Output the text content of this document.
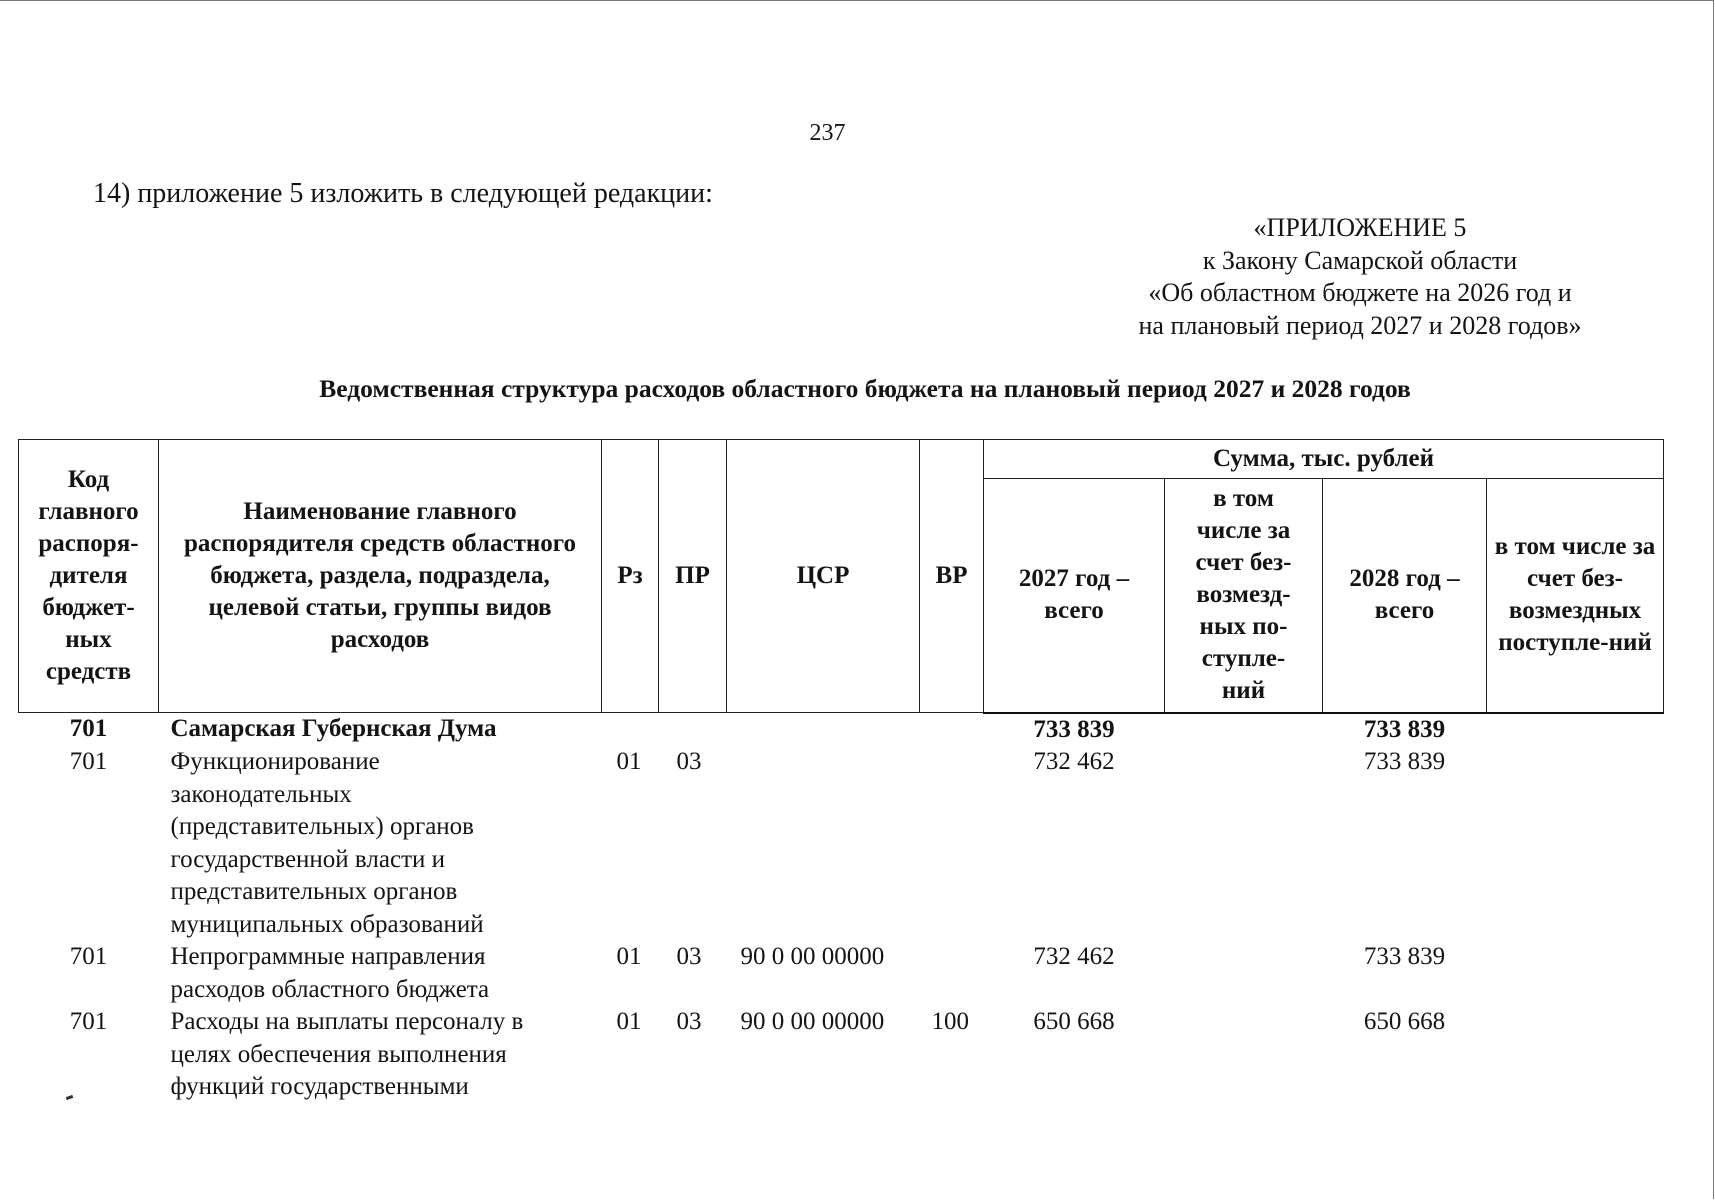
237
14) приложение 5 изложить в следующей редакции:
«ПРИЛОЖЕНИЕ 5
к Закону Самарской области
«Об областном бюджете на 2026 год и
на плановый период 2027 и 2028 годов»
Ведомственная структура расходов областного бюджета на плановый период 2027 и 2028 годов
Код главного распоря-дителя бюджет-ных средств	Наименование главного распорядителя средств областного бюджета, раздела, подраздела, целевой статьи, группы видов расходов	Рз	ПР	ЦСР	ВР	Сумма, тыс. рублей			
						2027 год – всего	в том числе за счет без-возмезд-ных по-ступле-ний	2028 год – всего	в том числе за счет без-возмездных поступле-ний
701	Самарская Губернская Дума					733 839		733 839	
701	Функционирование законодательных (представительных) органов государственной власти и представительных органов муниципальных образований	01	03			732 462		733 839	
701	Непрограммные направления расходов областного бюджета	01	03	90 0 00 00000		732 462		733 839	
701	Расходы на выплаты персоналу в целях обеспечения выполнения функций государственными	01	03	90 0 00 00000	100	650 668		650 668	
